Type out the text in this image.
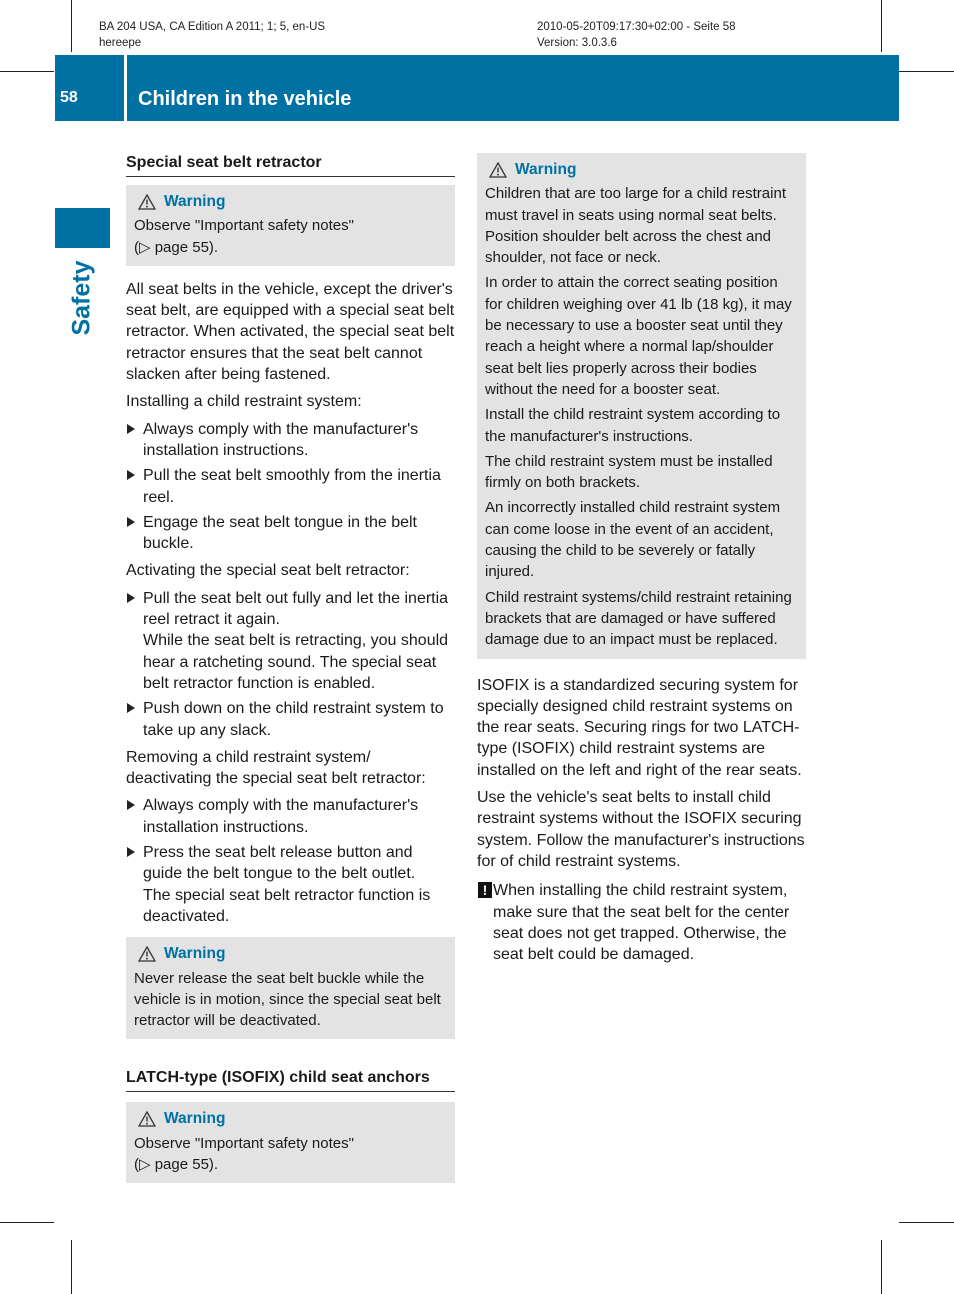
BA 204 USA, CA Edition A 2011; 1; 5, en-US
hereepe
2010-05-20T09:17:30+02:00 - Seite 58
Version: 3.0.3.6
58	Children in the vehicle
Safety
Special seat belt retractor
Warning
Observe "Important safety notes"
(▷ page 55).

All seat belts in the vehicle, except the driver's seat belt, are equipped with a special seat belt retractor. When activated, the special seat belt retractor ensures that the seat belt cannot slacken after being fastened.

Installing a child restraint system:

Always comply with the manufacturer's installation instructions.
Pull the seat belt smoothly from the inertia reel.
Engage the seat belt tongue in the belt buckle.

Activating the special seat belt retractor:

Pull the seat belt out fully and let the inertia reel retract it again.
While the seat belt is retracting, you should hear a ratcheting sound. The special seat belt retractor function is enabled.
Push down on the child restraint system to take up any slack.

Removing a child restraint system/ deactivating the special seat belt retractor:

Always comply with the manufacturer's installation instructions.
Press the seat belt release button and guide the belt tongue to the belt outlet.
The special seat belt retractor function is deactivated.
Warning
Never release the seat belt buckle while the vehicle is in motion, since the special seat belt retractor will be deactivated.
LATCH-type (ISOFIX) child seat anchors
Warning
Observe "Important safety notes"
(▷ page 55).
Warning

Children that are too large for a child restraint must travel in seats using normal seat belts. Position shoulder belt across the chest and shoulder, not face or neck.

In order to attain the correct seating position for children weighing over 41 lb (18 kg), it may be necessary to use a booster seat until they reach a height where a normal lap/shoulder seat belt lies properly across their bodies without the need for a booster seat.

Install the child restraint system according to the manufacturer's instructions.

The child restraint system must be installed firmly on both brackets.

An incorrectly installed child restraint system can come loose in the event of an accident, causing the child to be severely or fatally injured.

Child restraint systems/child restraint retaining brackets that are damaged or have suffered damage due to an impact must be replaced.

ISOFIX is a standardized securing system for specially designed child restraint systems on the rear seats. Securing rings for two LATCH-type (ISOFIX) child restraint systems are installed on the left and right of the rear seats.

Use the vehicle's seat belts to install child restraint systems without the ISOFIX securing system. Follow the manufacturer's instructions for of child restraint systems.

! When installing the child restraint system, make sure that the seat belt for the center seat does not get trapped. Otherwise, the seat belt could be damaged.
